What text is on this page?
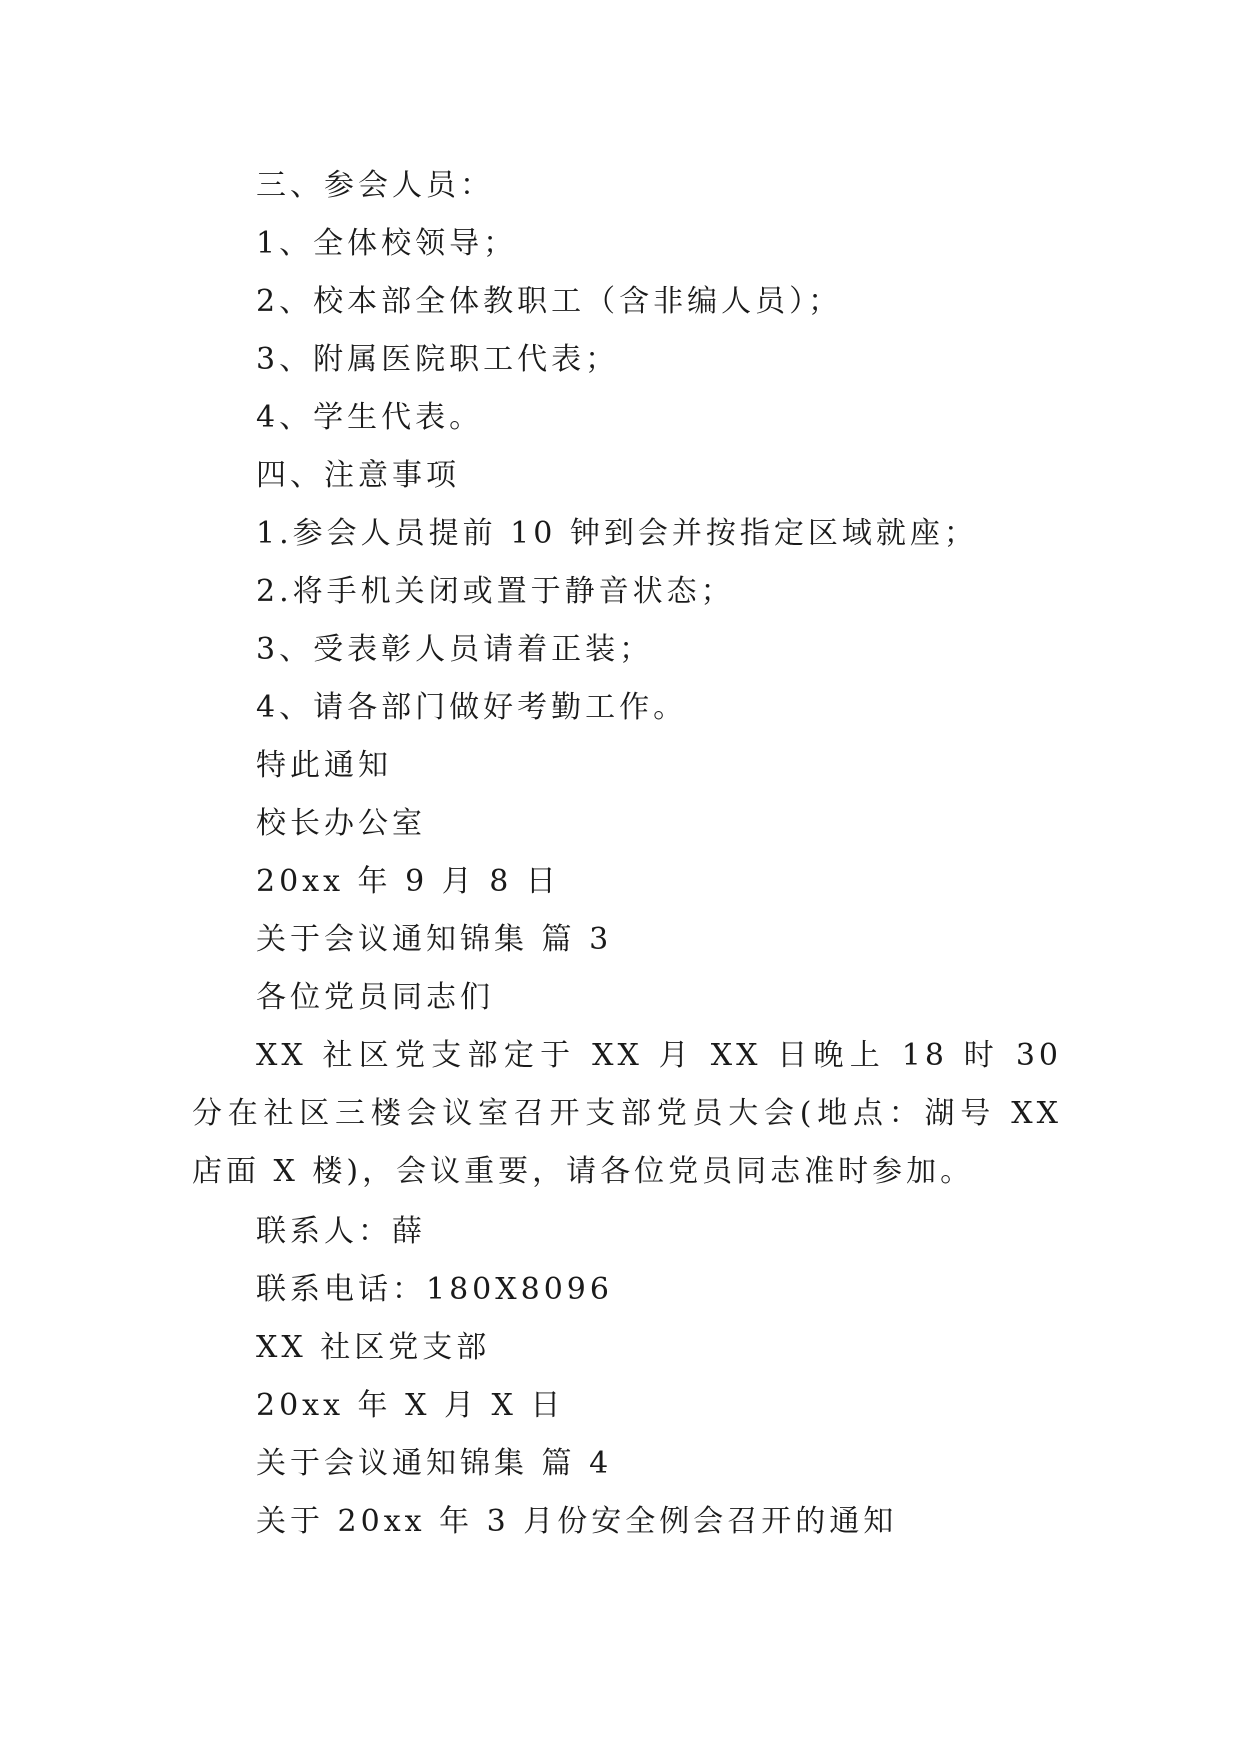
三、参会人员：
1、全体校领导；
2、校本部全体教职工（含非编人员）；
3、附属医院职工代表；
4、学生代表。
四、注意事项
1.参会人员提前 10 钟到会并按指定区域就座；
2.将手机关闭或置于静音状态；
3、受表彰人员请着正装；
4、请各部门做好考勤工作。
特此通知
校长办公室
20xx 年 9 月 8 日
关于会议通知锦集 篇 3
各位党员同志们
XX 社区党支部定于 XX 月 XX 日晚上 18 时 30 分在社区三楼会议室召开支部党员大会(地点：湖号 XX 店面 X 楼)，会议重要，请各位党员同志准时参加。
联系人：薛
联系电话：180X8096
XX 社区党支部
20xx 年 X 月 X 日
关于会议通知锦集 篇 4
关于 20xx 年 3 月份安全例会召开的通知
